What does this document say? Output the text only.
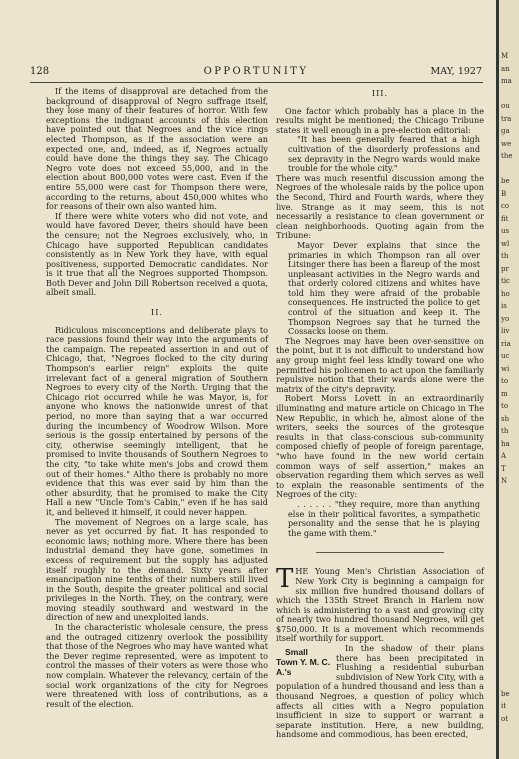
128	OPPORTUNITY	MAY, 1927

If the items of disapproval are detached from the background of disapproval of Negro suffrage itself, they lose many of their features of horror. With few exceptions the indignant accounts of this election have pointed out that Negroes and the vice rings elected Thompson, as if the association were an expected one, and, indeed, as if, Negroes actually could have done the things they say. The Chicago Negro vote does not exceed 55,000, and in the election about 800,000 votes were cast. Even if the entire 55,000 were cast for Thompson there were, according to the returns, about 450,000 whites who for reasons of their own also wanted him.

If there were white voters who did not vote, and would have favored Dever, theirs should have been the censure; not the Negroes exclusively, who, in Chicago have supported Republican candidates consistently as in New York they have, with equal positiveness, supported Democratic candidates. Nor is it true that all the Negroes supported Thompson. Both Dever and John Dill Robertson received a quota, albeit small.

II.

Ridiculous misconceptions and deliberate plays to race passions found their way into the arguments of the campaign. The repeated assertion in and out of Chicago, that, "Negroes flocked to the city during Thompson's earlier reign" exploits the quite irrelevant fact of a general migration of Southern Negroes to every city of the North. Urging that the Chicago riot occurred while he was Mayor, is, for anyone who knows the nationwide unrest of that period, no more than saying that a war occurred during the incumbency of Woodrow Wilson. More serious is the gossip entertained by persons of the city, otherwise seemingly intelligent, that he promised to invite thousands of Southern Negroes to the city, "to take white men's jobs and crowd them out of their homes." Altho there is probably no more evidence that this was ever said by him than the other absurdity, that he promised to make the City Hall a new "Uncle Tom's Cabin," even if he has said it, and believed it himself, it could never happen.

The movement of Negroes on a large scale, has never as yet occurred by fiat. It has responded to economic laws; nothing more. Where there has been industrial demand they have gone, sometimes in excess of requirement but the supply has adjusted itself roughly to the demand. Sixty years after emancipation nine tenths of their numbers still lived in the South, despite the greater political and social privileges in the North. They, on the contrary, were moving steadily southward and westward in the direction of new and unexploited lands.

In the characteristic wholesale censure, the press and the outraged citizenry overlook the possibility that those of the Negroes who may have wanted what the Dever regime represented, were as impotent to control the masses of their voters as were those who now complain. Whatever the relevancy, certain of the social work organizations of the city for Negroes were threatened with loss of contributions, as a result of the election.

III.

One factor which probably has a place in the results might be mentioned; the Chicago Tribune states it well enough in a pre-election editorial:

"It has been generally feared that a high cultivation of the disorderly professions and sex depravity in the Negro wards would make trouble for the whole city."

There was much resentful discussion among the Negroes of the wholesale raids by the police upon the Second, Third and Fourth wards, where they live. Strange as it may seem, this is not necessarily a resistance to clean government or clean neighborhoods. Quoting again from the Tribune:

Mayor Dever explains that since the primaries in which Thompson ran all over Litsinger there has been a flareup of the most unpleasant activities in the Negro wards and that orderly colored citizens and whites have told him they were afraid of the probable consequences. He instructed the police to get control of the situation and keep it. The Thompson Negroes say that he turned the Cossacks loose on them.

The Negroes may have been over-sensitive on the point, but it is not difficult to understand how any group might feel less kindly toward one who permitted his policemen to act upon the familiarly repulsive notion that their wards alone were the matrix of the city's depravity.

Robert Morss Lovett in an extraordinarily illuminating and mature article on Chicago in The New Republic, in which he, almost alone of the writers, seeks the sources of the grotesque results in that class-conscious sub-community composed chiefly of people of foreign parentage, "who have found in the new world certain common ways of self assertion," makes an observation regarding them which serves as well to explain the reasonable sentiments of the Negroes of the city:

. . . . . . "they require, more than anything else in their political favorites, a sympathetic personality and the sense that he is playing the game with them."

THE Young Men's Christian Association of New York City is beginning a campaign for six million five hundred thousand dollars of which the 135th Street Branch in Harlem now which is administering to a vast and growing city of nearly two hundred thousand Negroes, will get $750,000. It is a movement which recommends itself worthily for support.

Small Town Y. M. C. A.'s
In the shadow of their plans there has been precipitated in Flushing a residential suburban subdivision of New York City, with a population of a hundred thousand and less than a thousand Negroes, a question of policy which affects all cities with a Negro population insufficient in size to support or warrant a separate institution. Here, a new building, handsome and commodious, has been erected,

M
an
ma

ou
tra
ga
we
the

be
B
co
fit
us
wl
th
pr
tic
ho
is
yo
liv
ria
uc
wi
to
m
to
sh
th
ha
A
T
N

be
it
ot
